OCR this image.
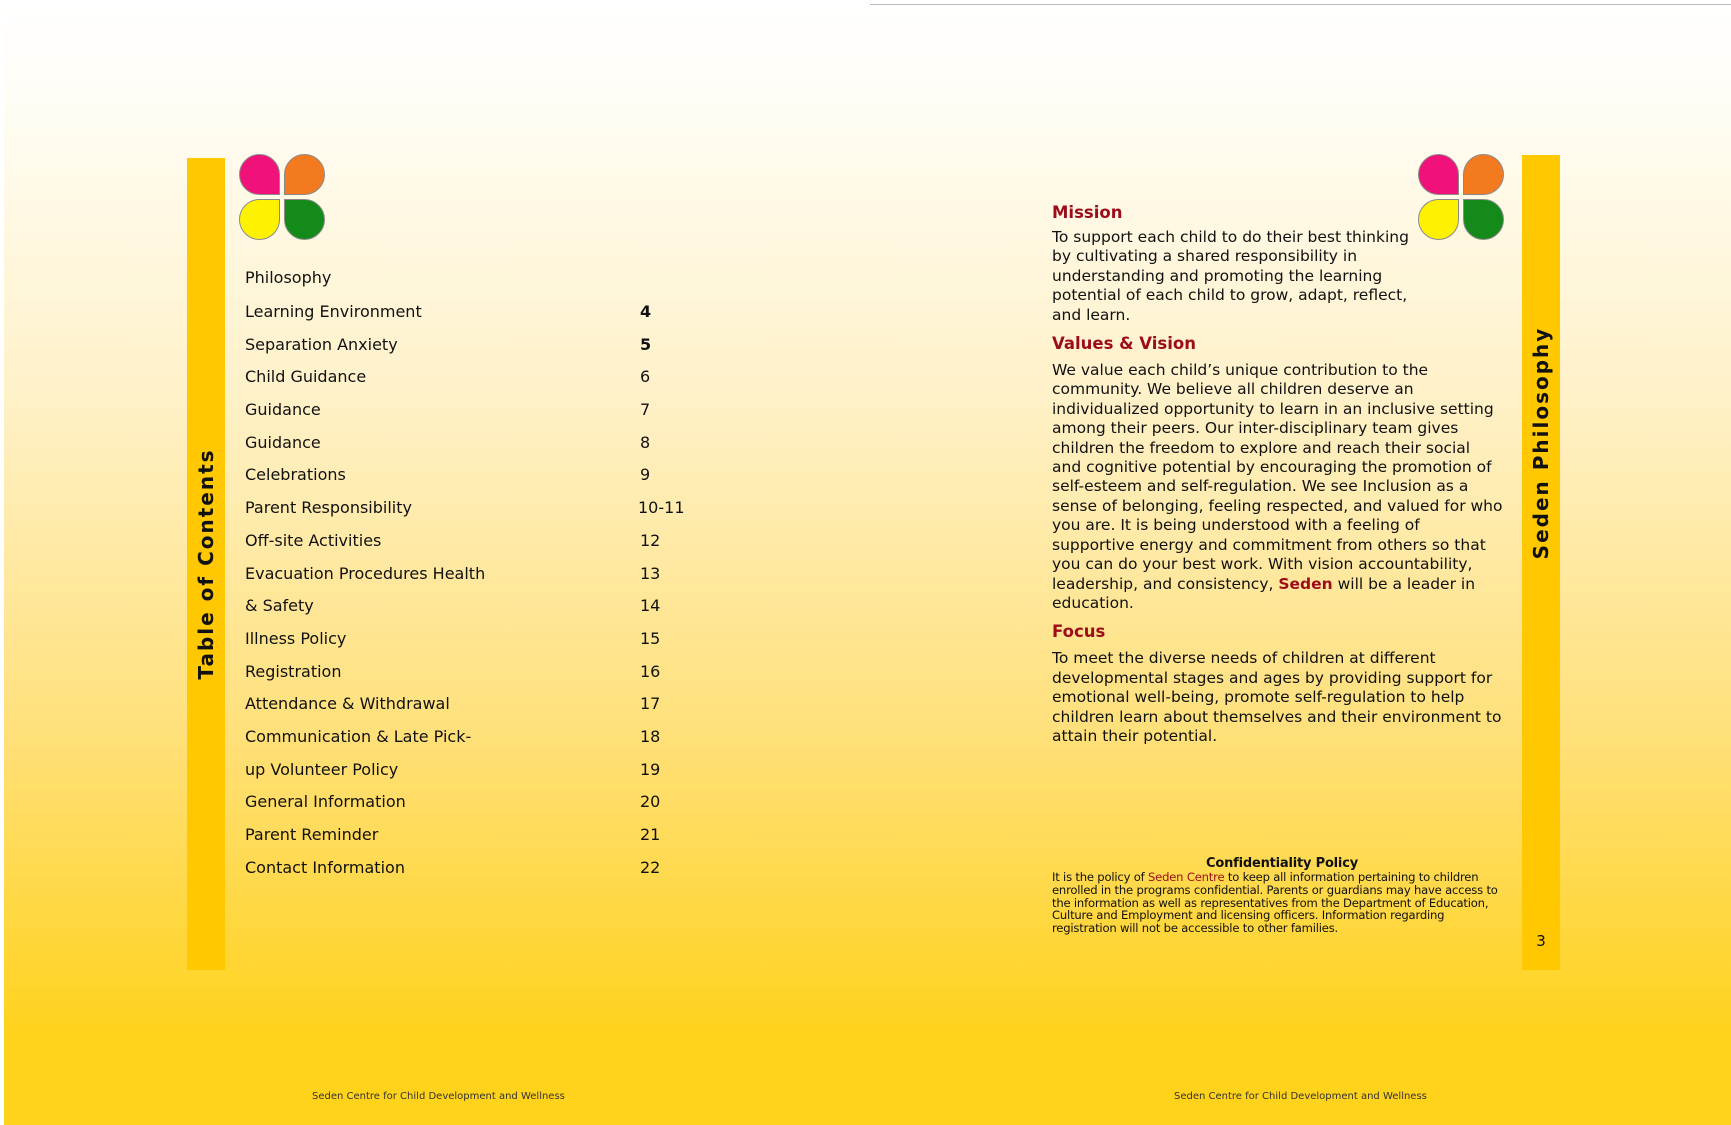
Table of Contents
Philosophy
Learning Environment	4
Separation Anxiety	5
Child Guidance	6
Guidance	7
Guidance	8
Celebrations	9
Parent Responsibility	10-11
Off-site Activities	12
Evacuation Procedures Health	13
& Safety	14
Illness Policy	15
Registration	16
Attendance & Withdrawal	17
Communication & Late Pick-	18
up Volunteer Policy	19
General Information	20
Parent Reminder	21
Contact Information	22
Seden Centre for Child Development and Wellness
Seden Philosophy
3
Mission

To support each child to do their best thinking by cultivating a shared responsibility in understanding and promoting the learning potential of each child to grow, adapt, reflect, and learn.

Values & Vision

We value each child’s unique contribution to the community. We believe all children deserve an individualized opportunity to learn in an inclusive setting among their peers. Our inter-disciplinary team gives children the freedom to explore and reach their social and cognitive potential by encouraging the promotion of self-esteem and self-regulation. We see Inclusion as a sense of belonging, feeling respected, and valued for who you are. It is being understood with a feeling of supportive energy and commitment from others so that you can do your best work. With vision accountability, leadership, and consistency, Seden will be a leader in education.

Focus

To meet the diverse needs of children at different developmental stages and ages by providing support for emotional well-being, promote self-regulation to help children learn about themselves and their environment to attain their potential.

Confidentiality Policy
It is the policy of Seden Centre to keep all information pertaining to children enrolled in the programs confidential. Parents or guardians may have access to the information as well as representatives from the Department of Education, Culture and Employment and licensing officers. Information regarding registration will not be accessible to other families.
Seden Centre for Child Development and Wellness
